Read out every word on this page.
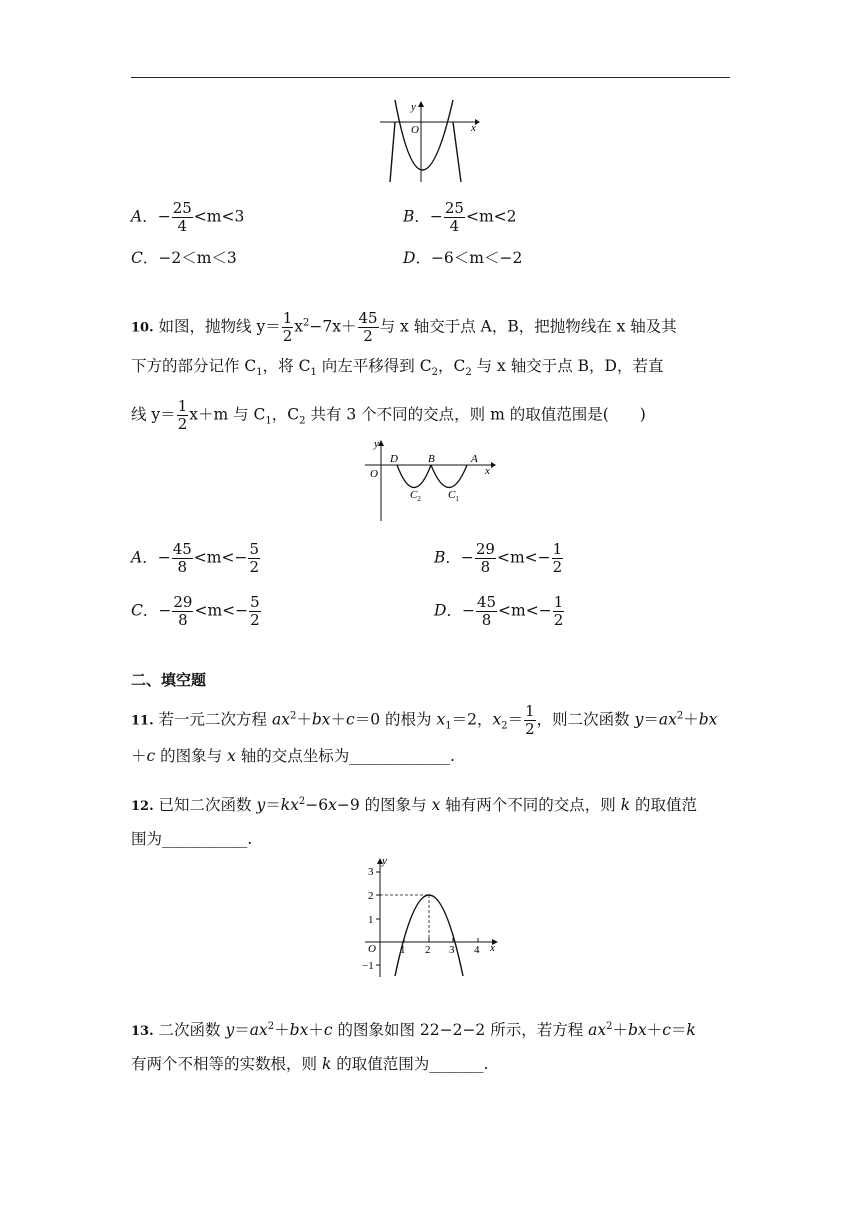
y
O	x
A．− $\frac{25}{4} <m<3$	B．− $\frac{25}{4} <m<2$
C．−2＜m＜3	D．−6＜m＜−2
10. 如图，抛物线 $y= \frac{1}{2} x^2-7x+ \frac{45}{2}$ 与 x 轴交于点 A，B，把抛物线在 x 轴及其
下方的部分记作 $C_1$，将 $C_1$ 向左平移得到 $C_2$，$C_2$ 与 x 轴交于点 B，D，若直
线 $y= \frac{1}{2} x+m$ 与 $C_1$，$C_2$ 共有 3 个不同的交点，则 m 的取值范围是(　　)
y
O
D	B	A
x
$C_2$ $C_1$
A．− $\frac{45}{8} <m<- \frac{5}{2}$	B．− $\frac{29}{8} <m<- \frac{1}{2}$
C．− $\frac{29}{8} <m<- \frac{5}{2}$	D．− $\frac{45}{8} <m<- \frac{1}{2}$
二、填空题
11. 若一元二次方程 $ax^2+bx+c=0$ 的根为 $x_1=2$，$x_2= \frac{1}{2}$ ，则二次函数 $y=ax^2+bx$
＋c 的图象与 x 轴的交点坐标为_____________.
12. 已知二次函数 $y=kx^2-6x-9$ 的图象与 x 轴有两个不同的交点，则 k 的取值范
围为___________.
y
3
2
1
−1
O 1 2 3 4 x
13. 二次函数 $y=ax^2+bx+c$ 的图象如图 22−2−2 所示，若方程 $ax^2+bx+c=k$
有两个不相等的实数根，则 k 的取值范围为_______.
